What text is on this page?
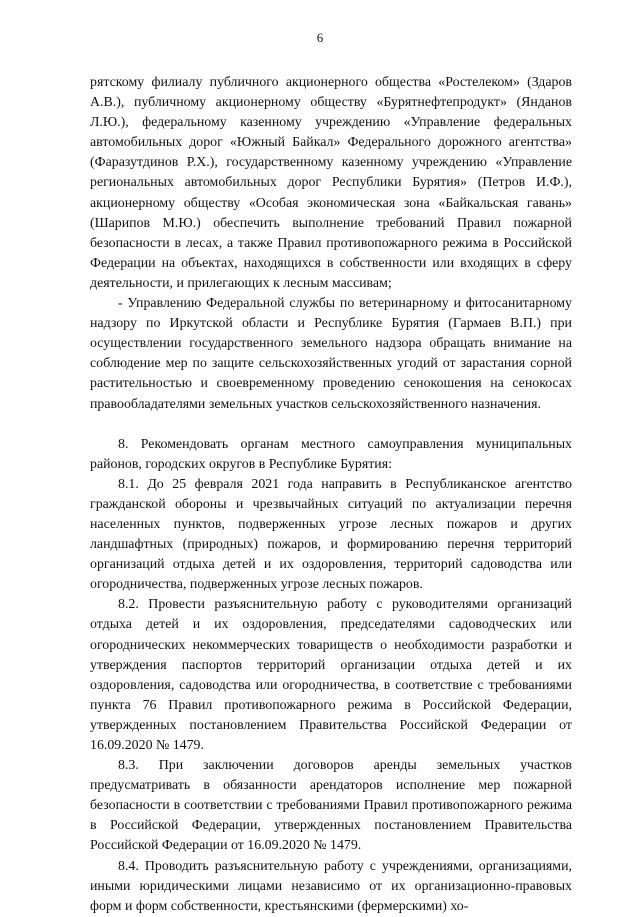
6

рятскому филиалу публичного акционерного общества «Ростелеком» (Здаров А.В.), публичному акционерному обществу «Бурятнефтепродукт» (Янданов Л.Ю.), федеральному казенному учреждению «Управление федеральных автомобильных дорог «Южный Байкал» Федерального дорожного агентства» (Фаразутдинов Р.Х.), государственному казенному учреждению «Управление региональных автомобильных дорог Республики Бурятия» (Петров И.Ф.), акционерному обществу «Особая экономическая зона «Байкальская гавань» (Шарипов М.Ю.) обеспечить выполнение требований Правил пожарной безопасности в лесах, а также Правил противопожарного режима в Российской Федерации на объектах, находящихся в собственности или входящих в сферу деятельности, и прилегающих к лесным массивам;

- Управлению Федеральной службы по ветеринарному и фитосанитарному надзору по Иркутской области и Республике Бурятия (Гармаев В.П.) при осуществлении государственного земельного надзора обращать внимание на соблюдение мер по защите сельскохозяйственных угодий от зарастания сорной растительностью и своевременному проведению сенокошения на сенокосах правообладателями земельных участков сельскохозяйственного назначения.

8. Рекомендовать органам местного самоуправления муниципальных районов, городских округов в Республике Бурятия:

8.1. До 25 февраля 2021 года направить в Республиканское агентство гражданской обороны и чрезвычайных ситуаций по актуализации перечня населенных пунктов, подверженных угрозе лесных пожаров и других ландшафтных (природных) пожаров, и формированию перечня территорий организаций отдыха детей и их оздоровления, территорий садоводства или огородничества, подверженных угрозе лесных пожаров.

8.2. Провести разъяснительную работу с руководителями организаций отдыха детей и их оздоровления, председателями садоводческих или огороднических некоммерческих товариществ о необходимости разработки и утверждения паспортов территорий организации отдыха детей и их оздоровления, садоводства или огородничества, в соответствие с требованиями пункта 76 Правил противопожарного режима в Российской Федерации, утвержденных постановлением Правительства Российской Федерации от 16.09.2020 № 1479.

8.3. При заключении договоров аренды земельных участков предусматривать в обязанности арендаторов исполнение мер пожарной безопасности в соответствии с требованиями Правил противопожарного режима в Российской Федерации, утвержденных постановлением Правительства Российской Федерации от 16.09.2020 № 1479.

8.4. Проводить разъяснительную работу с учреждениями, организациями, иными юридическими лицами независимо от их организационно-правовых форм и форм собственности, крестьянскими (фермерскими) хо-
